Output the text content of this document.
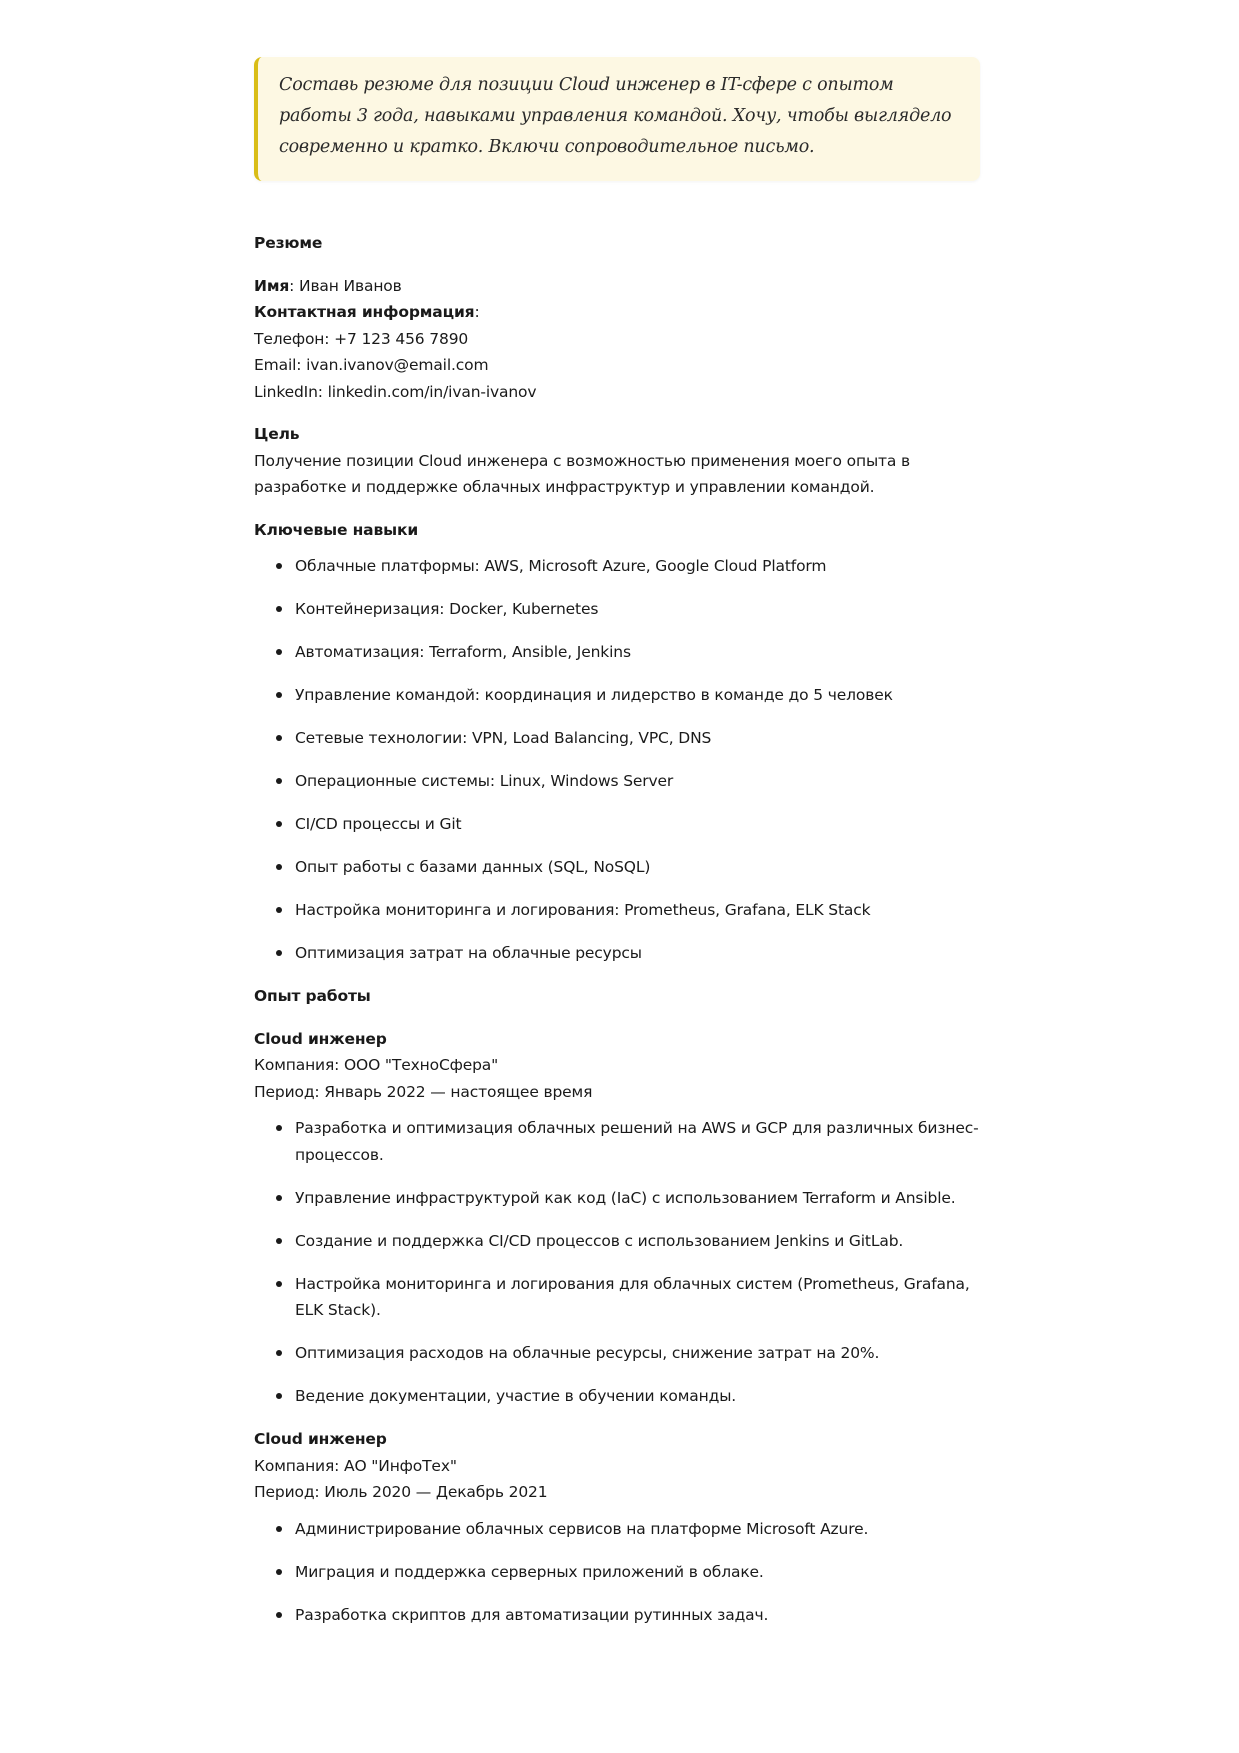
Составь резюме для позиции Cloud инженер в IT-сфере с опытом работы 3 года, навыками управления командой. Хочу, чтобы выглядело современно и кратко. Включи сопроводительное письмо.

Резюме

Имя: Иван Иванов

Контактная информация:

Телефон: +7 123 456 7890

Email: ivan.ivanov@email.com

LinkedIn: linkedin.com/in/ivan-ivanov

Цель

Получение позиции Cloud инженера с возможностью применения моего опыта в разработке и поддержке облачных инфраструктур и управлении командой.

Ключевые навыки

Облачные платформы: AWS, Microsoft Azure, Google Cloud Platform
Контейнеризация: Docker, Kubernetes
Автоматизация: Terraform, Ansible, Jenkins
Управление командой: координация и лидерство в команде до 5 человек
Сетевые технологии: VPN, Load Balancing, VPC, DNS
Операционные системы: Linux, Windows Server
CI/CD процессы и Git
Опыт работы с базами данных (SQL, NoSQL)
Настройка мониторинга и логирования: Prometheus, Grafana, ELK Stack
Оптимизация затрат на облачные ресурсы

Опыт работы

Cloud инженер

Компания: ООО "ТехноСфера"

Период: Январь 2022 — настоящее время

Разработка и оптимизация облачных решений на AWS и GCP для различных бизнес-процессов.
Управление инфраструктурой как код (IaC) с использованием Terraform и Ansible.
Создание и поддержка CI/CD процессов с использованием Jenkins и GitLab.
Настройка мониторинга и логирования для облачных систем (Prometheus, Grafana, ELK Stack).
Оптимизация расходов на облачные ресурсы, снижение затрат на 20%.
Ведение документации, участие в обучении команды.

Cloud инженер

Компания: АО "ИнфоТех"

Период: Июль 2020 — Декабрь 2021

Администрирование облачных сервисов на платформе Microsoft Azure.
Миграция и поддержка серверных приложений в облаке.
Разработка скриптов для автоматизации рутинных задач.
